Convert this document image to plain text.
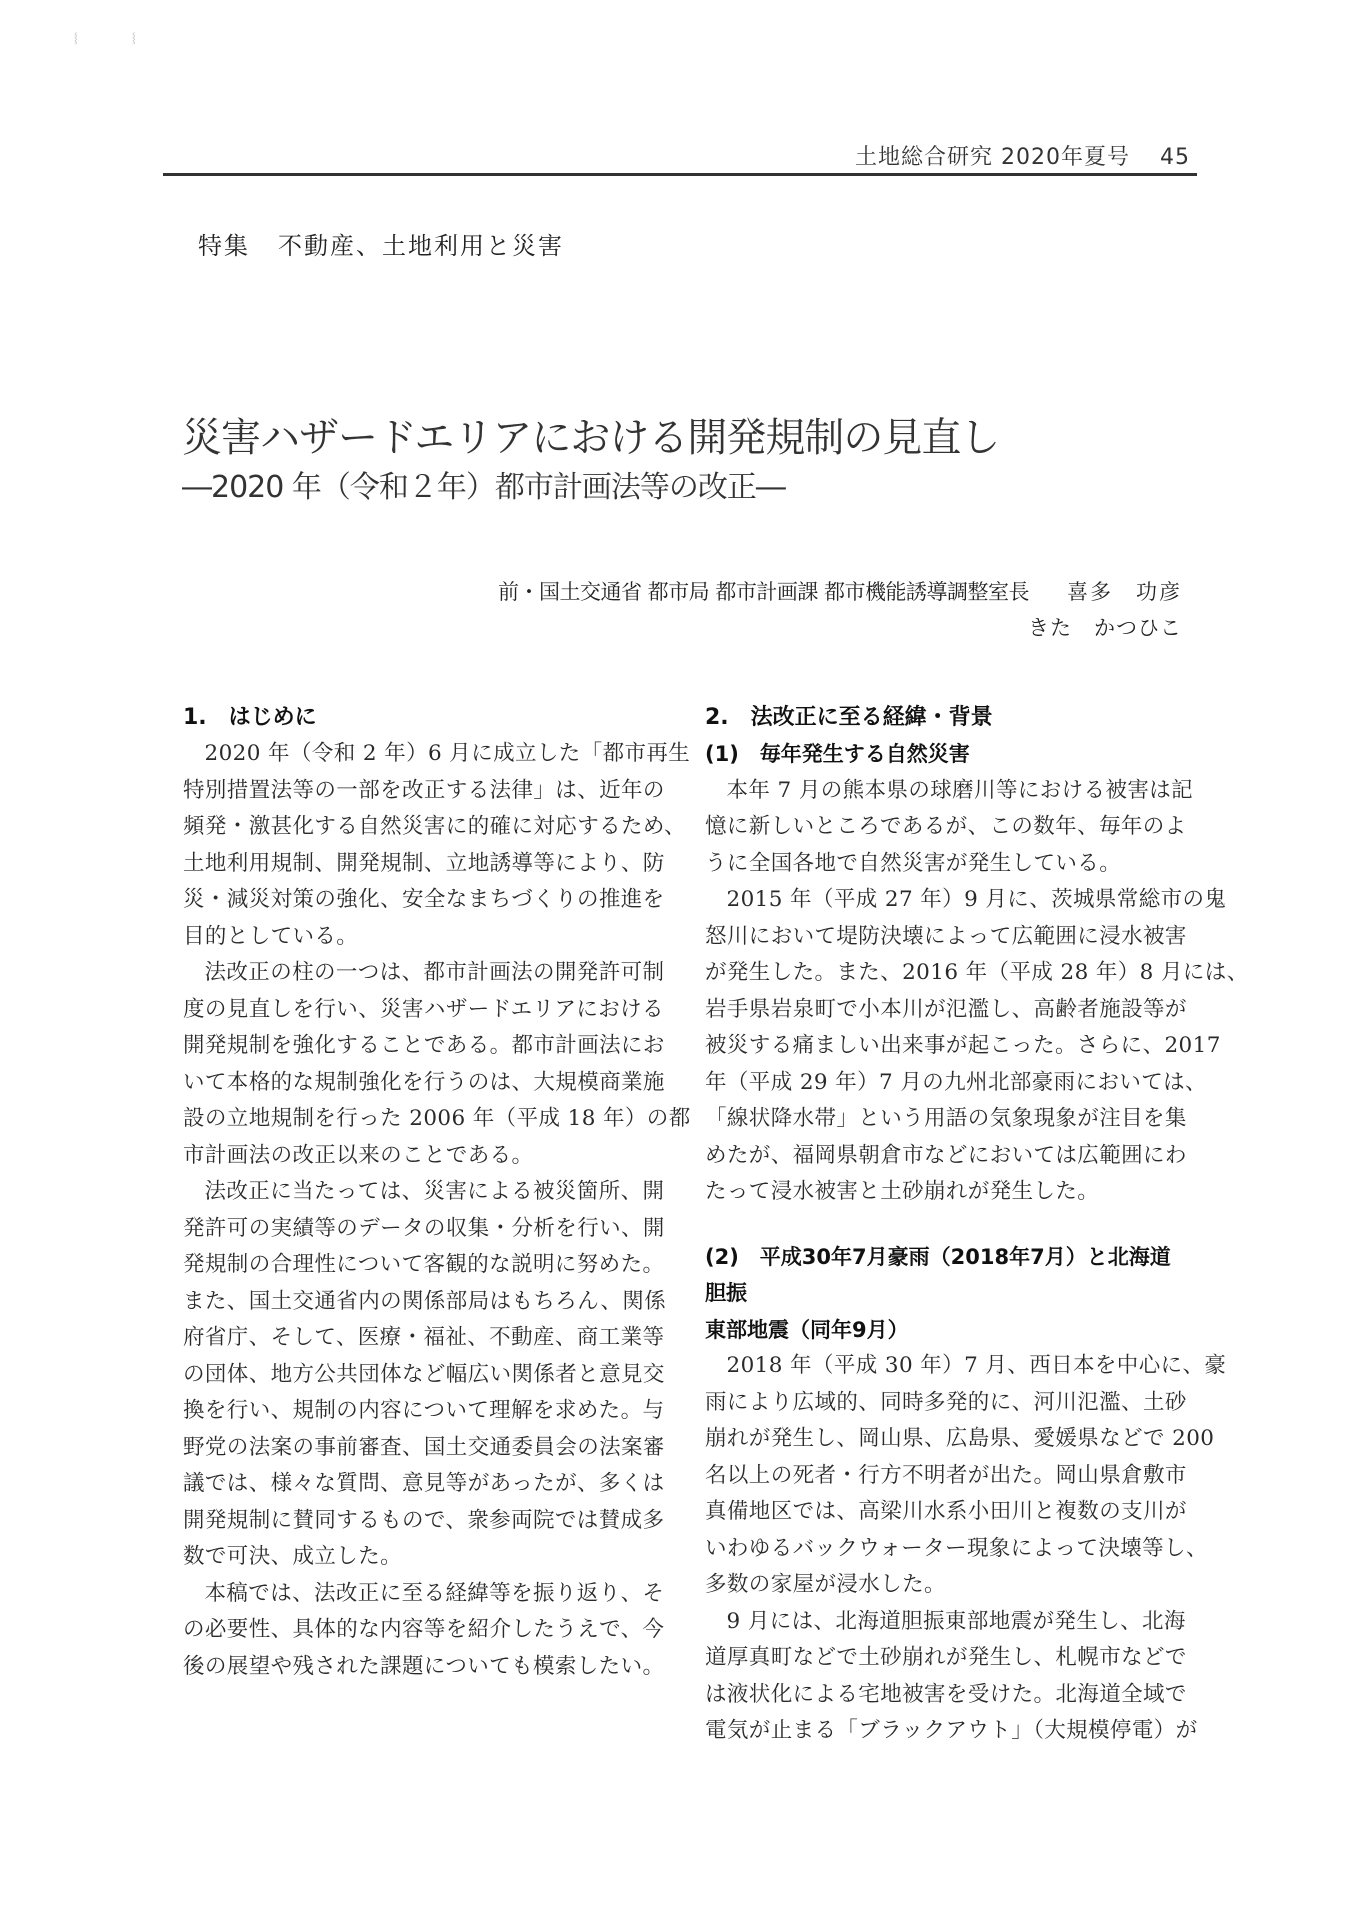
⸾	⸾
土地総合研究 2020年夏号 45
特集 不動産、土地利用と災害
災害ハザードエリアにおける開発規制の見直し
―2020 年（令和２年）都市計画法等の改正―
前・国土交通省 都市局 都市計画課 都市機能誘導調整室長 喜多　功彦
きた　かつひこ
1.　はじめに

2020 年（令和 2 年）6 月に成立した「都市再生
特別措置法等の一部を改正する法律」は、近年の
頻発・激甚化する自然災害に的確に対応するため、
土地利用規制、開発規制、立地誘導等により、防
災・減災対策の強化、安全なまちづくりの推進を
目的としている。

法改正の柱の一つは、都市計画法の開発許可制
度の見直しを行い、災害ハザードエリアにおける
開発規制を強化することである。都市計画法にお
いて本格的な規制強化を行うのは、大規模商業施
設の立地規制を行った 2006 年（平成 18 年）の都
市計画法の改正以来のことである。

法改正に当たっては、災害による被災箇所、開
発許可の実績等のデータの収集・分析を行い、開
発規制の合理性について客観的な説明に努めた。
また、国土交通省内の関係部局はもちろん、関係
府省庁、そして、医療・福祉、不動産、商工業等
の団体、地方公共団体など幅広い関係者と意見交
換を行い、規制の内容について理解を求めた。与
野党の法案の事前審査、国土交通委員会の法案審
議では、様々な質問、意見等があったが、多くは
開発規制に賛同するもので、衆参両院では賛成多
数で可決、成立した。

本稿では、法改正に至る経緯等を振り返り、そ
の必要性、具体的な内容等を紹介したうえで、今
後の展望や残された課題についても模索したい。

2.　法改正に至る経緯・背景
(1)　毎年発生する自然災害

本年 7 月の熊本県の球磨川等における被害は記
憶に新しいところであるが、この数年、毎年のよ
うに全国各地で自然災害が発生している。

2015 年（平成 27 年）9 月に、茨城県常総市の鬼
怒川において堤防決壊によって広範囲に浸水被害
が発生した。また、2016 年（平成 28 年）8 月には、
岩手県岩泉町で小本川が氾濫し、高齢者施設等が
被災する痛ましい出来事が起こった。さらに、2017
年（平成 29 年）7 月の九州北部豪雨においては、
「線状降水帯」という用語の気象現象が注目を集
めたが、福岡県朝倉市などにおいては広範囲にわ
たって浸水被害と土砂崩れが発生した。

(2)　平成30年7月豪雨（2018年7月）と北海道胆振
東部地震（同年9月）

2018 年（平成 30 年）7 月、西日本を中心に、豪
雨により広域的、同時多発的に、河川氾濫、土砂
崩れが発生し、岡山県、広島県、愛媛県などで 200
名以上の死者・行方不明者が出た。岡山県倉敷市
真備地区では、高梁川水系小田川と複数の支川が
いわゆるバックウォーター現象によって決壊等し、
多数の家屋が浸水した。

9 月には、北海道胆振東部地震が発生し、北海
道厚真町などで土砂崩れが発生し、札幌市などで
は液状化による宅地被害を受けた。北海道全域で
電気が止まる「ブラックアウト」（大規模停電）が
